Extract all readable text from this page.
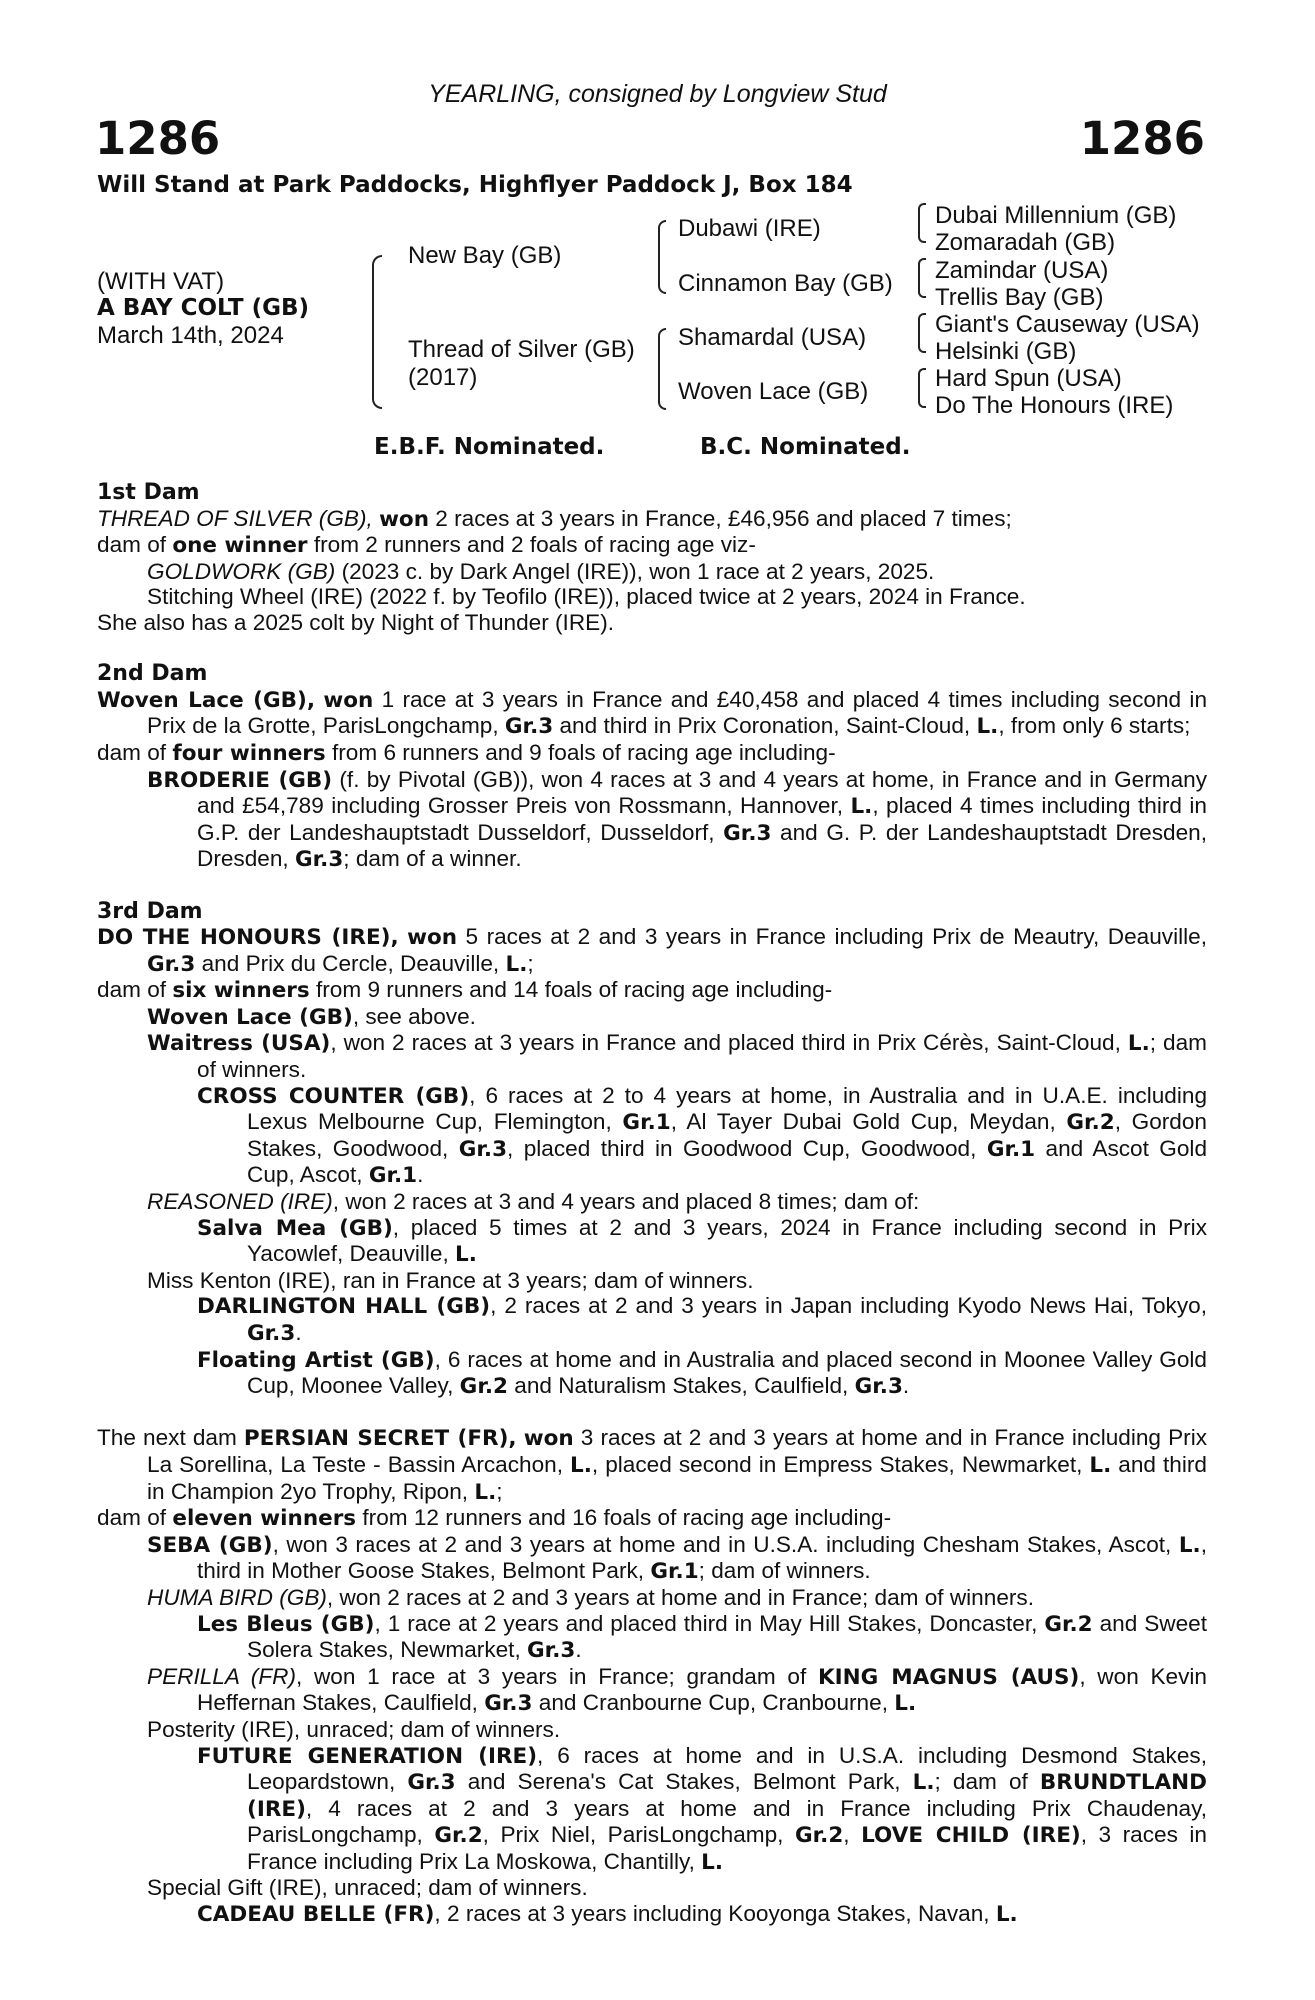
YEARLING, consigned by Longview Stud
1286	1286
Will Stand at Park Paddocks, Highflyer Paddock J, Box 184
(WITH VAT)
A BAY COLT (GB)
March 14th, 2024
New Bay (GB)
Thread of Silver (GB)
(2017)
Dubawi (IRE)
Cinnamon Bay (GB)
Shamardal (USA)
Woven Lace (GB)
Dubai Millennium (GB)
Zomaradah (GB)
Zamindar (USA)
Trellis Bay (GB)
Giant's Causeway (USA)
Helsinki (GB)
Hard Spun (USA)
Do The Honours (IRE)
E.B.F. Nominated.	B.C. Nominated.

1st Dam

THREAD OF SILVER (GB), won 2 races at 3 years in France, £46,956 and placed 7 times;

dam of one winner from 2 runners and 2 foals of racing age viz-

GOLDWORK (GB) (2023 c. by Dark Angel (IRE)), won 1 race at 2 years, 2025.

Stitching Wheel (IRE) (2022 f. by Teofilo (IRE)), placed twice at 2 years, 2024 in France.

She also has a 2025 colt by Night of Thunder (IRE).

2nd Dam

Woven Lace (GB), won 1 race at 3 years in France and £40,458 and placed 4 times including second in Prix de la Grotte, ParisLongchamp, Gr.3 and third in Prix Coronation, Saint-Cloud, L., from only 6 starts;

dam of four winners from 6 runners and 9 foals of racing age including-

BRODERIE (GB) (f. by Pivotal (GB)), won 4 races at 3 and 4 years at home, in France and in Germany and £54,789 including Grosser Preis von Rossmann, Hannover, L., placed 4 times including third in G.P. der Landeshauptstadt Dusseldorf, Dusseldorf, Gr.3 and G. P. der Landeshauptstadt Dresden, Dresden, Gr.3; dam of a winner.

3rd Dam

DO THE HONOURS (IRE), won 5 races at 2 and 3 years in France including Prix de Meautry, Deauville, Gr.3 and Prix du Cercle, Deauville, L.;

dam of six winners from 9 runners and 14 foals of racing age including-

Woven Lace (GB), see above.

Waitress (USA), won 2 races at 3 years in France and placed third in Prix Cérès, Saint-Cloud, L.; dam of winners.

CROSS COUNTER (GB), 6 races at 2 to 4 years at home, in Australia and in U.A.E. including Lexus Melbourne Cup, Flemington, Gr.1, Al Tayer Dubai Gold Cup, Meydan, Gr.2, Gordon Stakes, Goodwood, Gr.3, placed third in Goodwood Cup, Goodwood, Gr.1 and Ascot Gold Cup, Ascot, Gr.1.

REASONED (IRE), won 2 races at 3 and 4 years and placed 8 times; dam of:

Salva Mea (GB), placed 5 times at 2 and 3 years, 2024 in France including second in Prix Yacowlef, Deauville, L.

Miss Kenton (IRE), ran in France at 3 years; dam of winners.

DARLINGTON HALL (GB), 2 races at 2 and 3 years in Japan including Kyodo News Hai, Tokyo, Gr.3.

Floating Artist (GB), 6 races at home and in Australia and placed second in Moonee Valley Gold Cup, Moonee Valley, Gr.2 and Naturalism Stakes, Caulfield, Gr.3.

The next dam PERSIAN SECRET (FR), won 3 races at 2 and 3 years at home and in France including Prix La Sorellina, La Teste - Bassin Arcachon, L., placed second in Empress Stakes, Newmarket, L. and third in Champion 2yo Trophy, Ripon, L.;

dam of eleven winners from 12 runners and 16 foals of racing age including-

SEBA (GB), won 3 races at 2 and 3 years at home and in U.S.A. including Chesham Stakes, Ascot, L., third in Mother Goose Stakes, Belmont Park, Gr.1; dam of winners.

HUMA BIRD (GB), won 2 races at 2 and 3 years at home and in France; dam of winners.

Les Bleus (GB), 1 race at 2 years and placed third in May Hill Stakes, Doncaster, Gr.2 and Sweet Solera Stakes, Newmarket, Gr.3.

PERILLA (FR), won 1 race at 3 years in France; grandam of KING MAGNUS (AUS), won Kevin Heffernan Stakes, Caulfield, Gr.3 and Cranbourne Cup, Cranbourne, L.

Posterity (IRE), unraced; dam of winners.

FUTURE GENERATION (IRE), 6 races at home and in U.S.A. including Desmond Stakes, Leopardstown, Gr.3 and Serena's Cat Stakes, Belmont Park, L.; dam of BRUNDTLAND (IRE), 4 races at 2 and 3 years at home and in France including Prix Chaudenay, ParisLongchamp, Gr.2, Prix Niel, ParisLongchamp, Gr.2, LOVE CHILD (IRE), 3 races in France including Prix La Moskowa, Chantilly, L.

Special Gift (IRE), unraced; dam of winners.

CADEAU BELLE (FR), 2 races at 3 years including Kooyonga Stakes, Navan, L.
